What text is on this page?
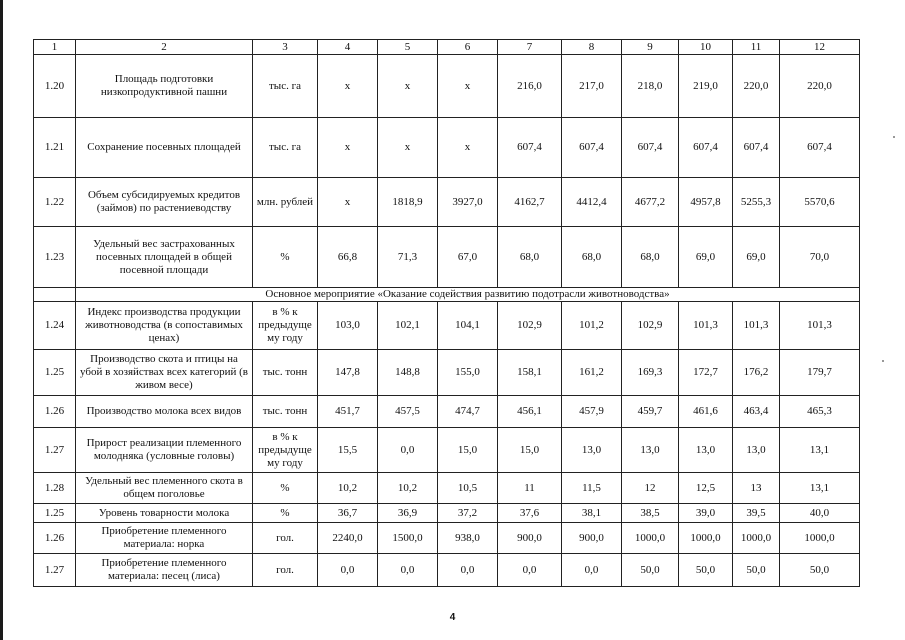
1	2	3	4	5	6	7	8	9	10	11	12
1.20	Площадь подготовки низкопродуктивной пашни	тыс. га	х	х	х	216,0	217,0	218,0	219,0	220,0	220,0
1.21	Сохранение посевных площадей	тыс. га	х	х	х	607,4	607,4	607,4	607,4	607,4	607,4
1.22	Объем субсидируемых кредитов (займов) по растениеводству	млн. рублей	х	1818,9	3927,0	4162,7	4412,4	4677,2	4957,8	5255,3	5570,6
1.23	Удельный вес застрахованных посевных площадей в общей посевной площади	%	66,8	71,3	67,0	68,0	68,0	68,0	69,0	69,0	70,0
	Основное мероприятие «Оказание содействия развитию подотрасли животноводства»										
1.24	Индекс производства продукции животноводства (в сопоставимых ценах)	в % к предыдуще му году	103,0	102,1	104,1	102,9	101,2	102,9	101,3	101,3	101,3
1.25	Производство скота и птицы на убой в хозяйствах всех категорий (в живом весе)	тыс. тонн	147,8	148,8	155,0	158,1	161,2	169,3	172,7	176,2	179,7
1.26	Производство молока всех видов	тыс. тонн	451,7	457,5	474,7	456,1	457,9	459,7	461,6	463,4	465,3
1.27	Прирост реализации племенного молодняка (условные головы)	в % к предыдуще му году	15,5	0,0	15,0	15,0	13,0	13,0	13,0	13,0	13,1
1.28	Удельный вес племенного скота в общем поголовье	%	10,2	10,2	10,5	11	11,5	12	12,5	13	13,1
1.25	Уровень товарности молока	%	36,7	36,9	37,2	37,6	38,1	38,5	39,0	39,5	40,0
1.26	Приобретение племенного материала: норка	гол.	2240,0	1500,0	938,0	900,0	900,0	1000,0	1000,0	1000,0	1000,0
1.27	Приобретение племенного материала: песец (лиса)	гол.	0,0	0,0	0,0	0,0	0,0	50,0	50,0	50,0	50,0
4
